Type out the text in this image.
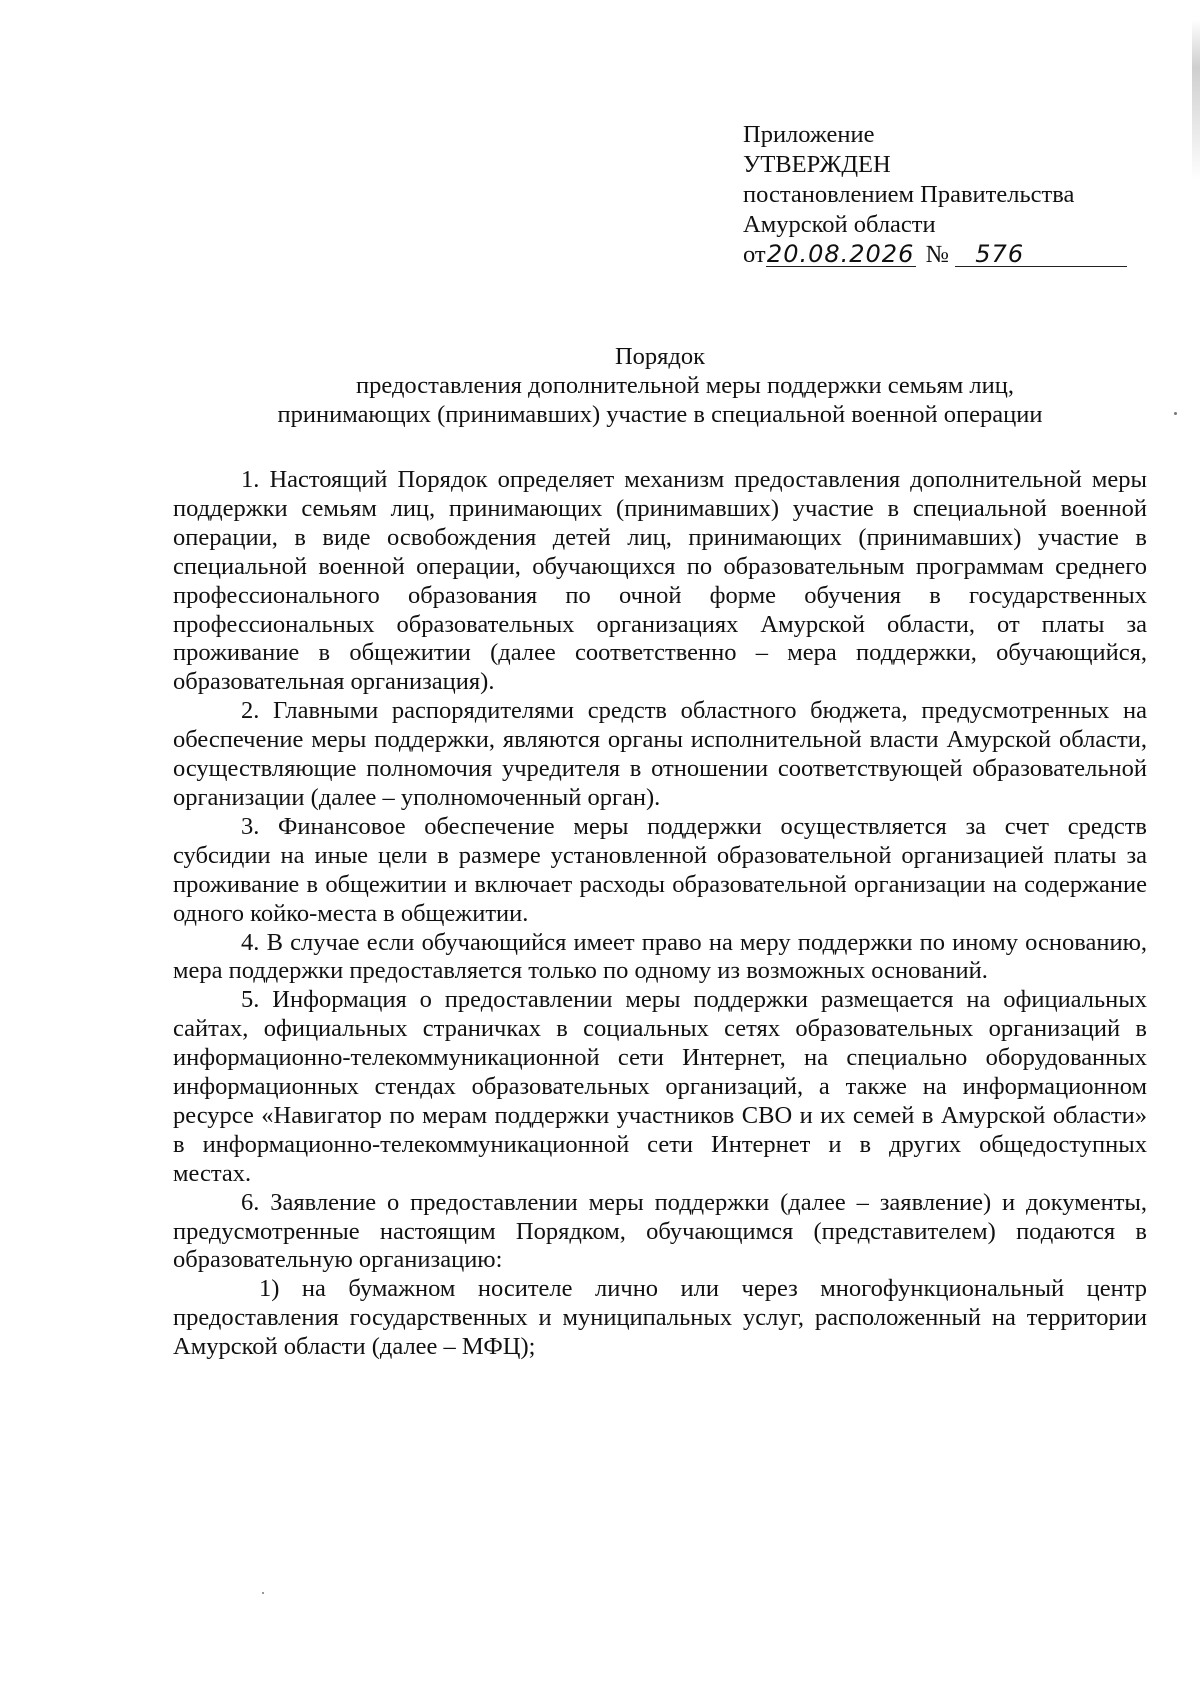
Приложение
УТВЕРЖДЕН
постановлением Правительства
Амурской области
от20.08.2026 № 576
Порядок
предоставления дополнительной меры поддержки семьям лиц,
принимающих (принимавших) участие в специальной военной операции

1. Настоящий Порядок определяет механизм предоставления дополнительной меры поддержки семьям лиц, принимающих (принимавших) участие в специальной военной операции, в виде освобождения детей лиц, принимающих (принимавших) участие в специальной военной операции, обучающихся по образовательным программам среднего профессионального образования по очной форме обучения в государственных профессиональных образовательных организациях Амурской области, от платы за проживание в общежитии (далее соответственно – мера поддержки, обучающийся, образовательная организация).

2. Главными распорядителями средств областного бюджета, предусмотренных на обеспечение меры поддержки, являются органы исполнительной власти Амурской области, осуществляющие полномочия учредителя в отношении соответствующей образовательной организации (далее – уполномоченный орган).

3. Финансовое обеспечение меры поддержки осуществляется за счет средств субсидии на иные цели в размере установленной образовательной организацией платы за проживание в общежитии и включает расходы образовательной организации на содержание одного койко-места в общежитии.

4. В случае если обучающийся имеет право на меру поддержки по иному основанию, мера поддержки предоставляется только по одному из возможных оснований.

5. Информация о предоставлении меры поддержки размещается на официальных сайтах, официальных страничках в социальных сетях образовательных организаций в информационно-телекоммуникационной сети Интернет, на специально оборудованных информационных стендах образовательных организаций, а также на информационном ресурсе «Навигатор по мерам поддержки участников СВО и их семей в Амурской области» в информационно-телекоммуникационной сети Интернет и в других общедоступных местах.

6. Заявление о предоставлении меры поддержки (далее – заявление) и документы, предусмотренные настоящим Порядком, обучающимся (представителем) подаются в образовательную организацию:

1) на бумажном носителе лично или через многофункциональный центр предоставления государственных и муниципальных услуг, расположенный на территории Амурской области (далее – МФЦ);
